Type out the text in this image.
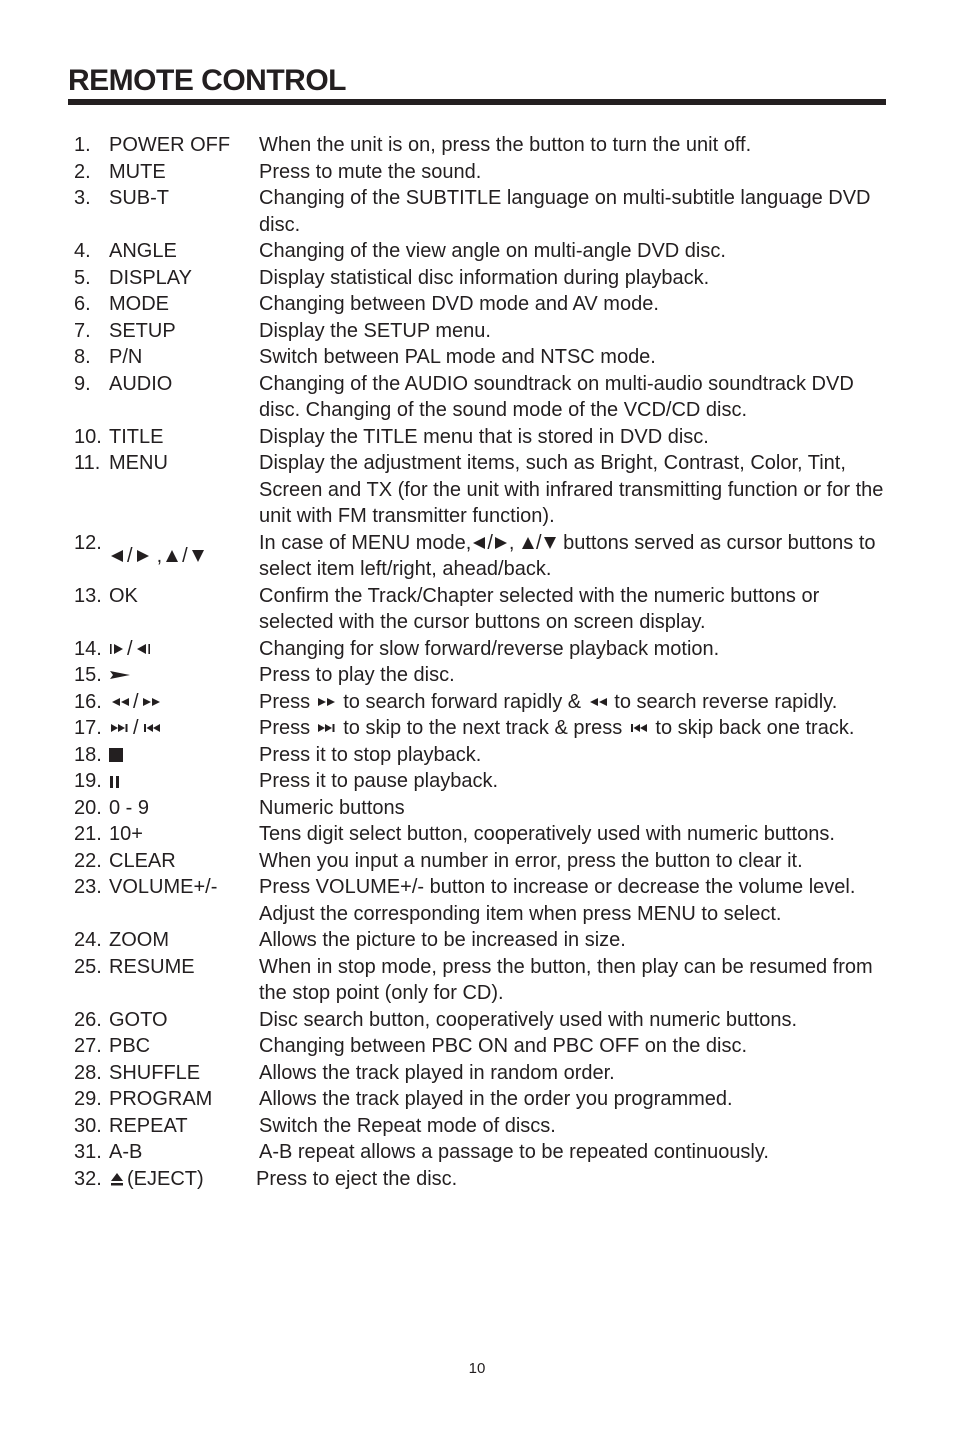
REMOTE CONTROL
1. POWER OFF When the unit is on, press the button to turn the unit off.
2. MUTE	Press to mute the sound.
3. SUB-T	Changing of the SUBTITLE language on multi-subtitle language DVD disc.
4. ANGLE	Changing of the view angle on multi-angle DVD disc.
5. DISPLAY	Display statistical disc information during playback.
6. MODE	Changing between DVD mode and AV mode.
7. SETUP	Display the SETUP menu.
8. P/N	Switch between PAL mode and NTSC mode.
9. AUDIO	Changing of the AUDIO soundtrack on multi-audio soundtrack DVD disc. Changing of the sound mode of the VCD/CD disc.
10. TITLE	Display the TITLE menu that is stored in DVD disc.
11. MENU	Display the adjustment items, such as Bright, Contrast, Color, Tint, Screen and TX (for the unit with infrared transmitting function or for the unit with FM transmitter function).
12.
/ , /
In case of MENU mode, / , / buttons served as cursor buttons to select item left/right, ahead/back.
13. OK	Confirm the Track/Chapter selected with the numeric buttons or selected with the cursor buttons on screen display.
14.	/	Changing for slow forward/reverse playback motion.
15.	Press to play the disc.
16.	/	Press to search forward rapidly & to search reverse rapidly.
17.	/	Press to skip to the next track & press to skip back one track.
18.	Press it to stop playback.
19.	Press it to pause playback.
20. 0 - 9	Numeric buttons
21. 10+	Tens digit select button, cooperatively used with numeric buttons.
22. CLEAR	When you input a number in error, press the button to clear it.
23. VOLUME+/- Press VOLUME+/- button to increase or decrease the volume level. Adjust the corresponding item when press MENU to select.
24. ZOOM	Allows the picture to be increased in size.
25. RESUME	When in stop mode, press the button, then play can be resumed from the stop point (only for CD).
26. GOTO	Disc search button, cooperatively used with numeric buttons.
27. PBC	Changing between PBC ON and PBC OFF on the disc.
28. SHUFFLE	Allows the track played in random order.
29. PROGRAM Allows the track played in the order you programmed.
30. REPEAT	Switch the Repeat mode of discs.
31. A-B	A-B repeat allows a passage to be repeated continuously.
32.	(EJECT)	Press to eject the disc.
10
